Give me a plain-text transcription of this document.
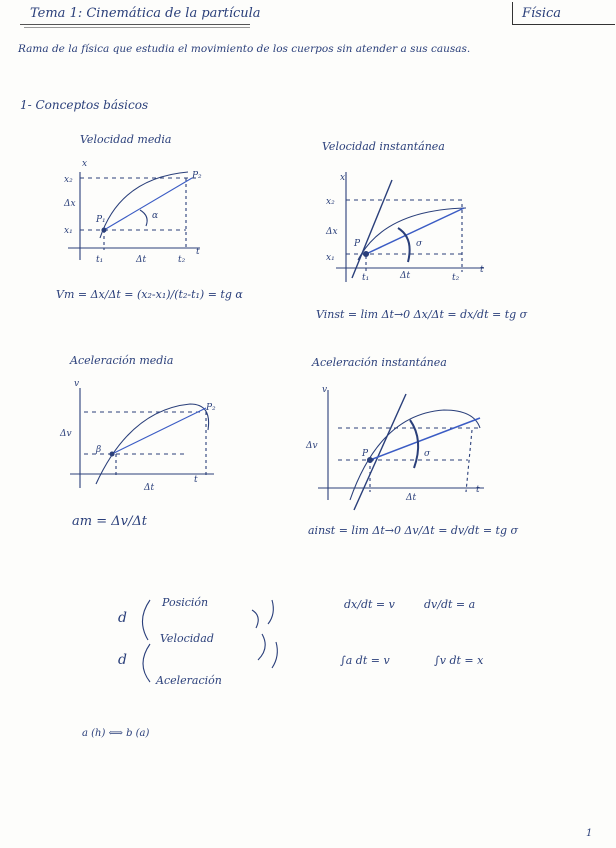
Tema 1: Cinemática de la partícula	Física
Rama de la física que estudia el movimiento de los cuerpos sin atender a sus causas.
1- Conceptos básicos
Velocidad media
Velocidad instantánea
Aceleración media	Aceleración instantánea
Vm = Δx/Δt = (x₂-x₁)/(t₂-t₁) = tg α
Vinst = lim Δt→0 Δx/Δt = dx/dt = tg σ
am = Δv/Δt
ainst = lim Δt→0 Δv/Δt = dv/dt = tg σ
x
x₂
Δx
x₁
t₁	Δt	t₂
t
P₁
P₂
α
x
x₂
Δx
x₁
P	σ
t₁	Δt	t₂
t
v
Δv
β
P₂
Δt
t
v
Δv
P	σ
Δt
t
d
d
Posición
Velocidad
Aceleración
dx/dt = v	dv/dt = a
∫a dt = v	∫v dt = x
a (h) ⟺ b (a)
1
